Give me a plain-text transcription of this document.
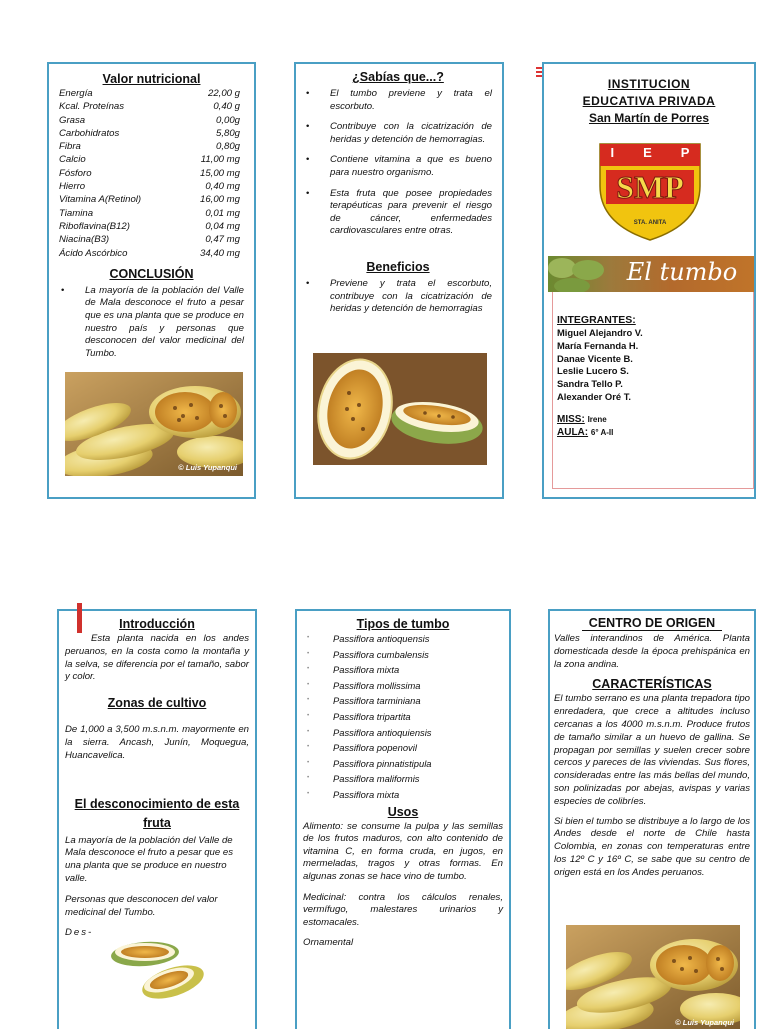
Valor nutricional
Energía	22,00 g
Kcal. Proteínas	0,40 g
Grasa	0,00g
Carbohidratos	5,80g
Fibra	0,80g
Calcio	11,00 mg
Fósforo	15,00 mg
Hierro	0,40 mg
Vitamina A(Retinol)	16,00 mg
Tiamina	0,01 mg
Riboflavina(B12)	0,04 mg
Niacina(B3)	0,47 mg
Ácido Ascórbico	34,40 mg
CONCLUSIÓN
• La mayoría de la población del Valle de Mala desconoce el fruto a pesar que es una planta que se produce en nuestro país y personas que desconocen del valor medicinal del Tumbo.
© Luis Yupanqui
¿Sabías que...?
• El tumbo previene y trata el escorbuto.
• Contribuye con la cicatrización de heridas y detención de hemorragias.
• Contiene vitamina a que es bueno para nuestro organismo.
• Esta fruta que posee propiedades terapéuticas para prevenir el riesgo de cáncer, enfermedades cardiovasculares entre otras.
Beneficios
• Previene y trata el escorbuto, contribuye con la cicatrización de heridas y detención de hemorragias
INSTITUCION
EDUCATIVA PRIVADA
San Martín de Porres
I E P
SMP
STA. ANITA
El tumbo
INTEGRANTES:
Miguel Alejandro V.
María Fernanda H.
Danae Vicente B.
Leslie Lucero S.
Sandra Tello P.
Alexander Oré T.
MISS: Irene
AULA: 6° A-II
Introducción
Esta planta nacida en los andes peruanos, en la costa como la montaña y la selva, se diferencia por el tamaño, sabor y color.
Zonas de cultivo
De 1,000 a 3,500 m.s.n.m. mayormente en la sierra. Ancash, Junín, Moquegua, Huancavelica.
El desconocimiento de esta fruta
La mayoría de la población del Valle de Mala desconoce el fruto a pesar que es una planta que se produce en nuestro valle.
Personas que desconocen del valor medicinal del Tumbo.
Des-
Tipos de tumbo
• Passiflora antioquensis
• Passiflora cumbalensis
• Passiflora mixta
• Passiflora mollissima
• Passiflora tarminiana
• Passiflora tripartita
• Passiflora antioquiensis
• Passiflora popenovil
• Passiflora pinnatistipula
• Passiflora maliformis
• Passiflora mixta
Usos
Alimento: se consume la pulpa y las semillas de los frutos maduros, con alto contenido de vitamina C, en forma cruda, en jugos, en mermeladas, tragos y otras formas. En algunas zonas se hace vino de tumbo.
Medicinal: contra los cálculos renales, vermífugo, malestares urinarios y estomacales.
Ornamental
CENTRO DE ORIGEN
Valles interandinos de América. Planta domesticada desde la época prehispánica en la zona andina.
CARACTERÍSTICAS
El tumbo serrano es una planta trepadora tipo enredadera, que crece a altitudes incluso cercanas a los 4000 m.s.n.m. Produce frutos de tamaño similar a un huevo de gallina. Se propagan por semillas y suelen crecer sobre cercos y pareces de las viviendas. Sus flores, consideradas entre las más bellas del mundo, son polinizadas por abejas, avispas y varias especies de colibríes.
Si bien el tumbo se distribuye a lo largo de los Andes desde el norte de Chile hasta Colombia, en zonas con temperaturas entre los 12º C y 16º C, se sabe que su centro de origen está en los Andes peruanos.
© Luis Yupanqui
